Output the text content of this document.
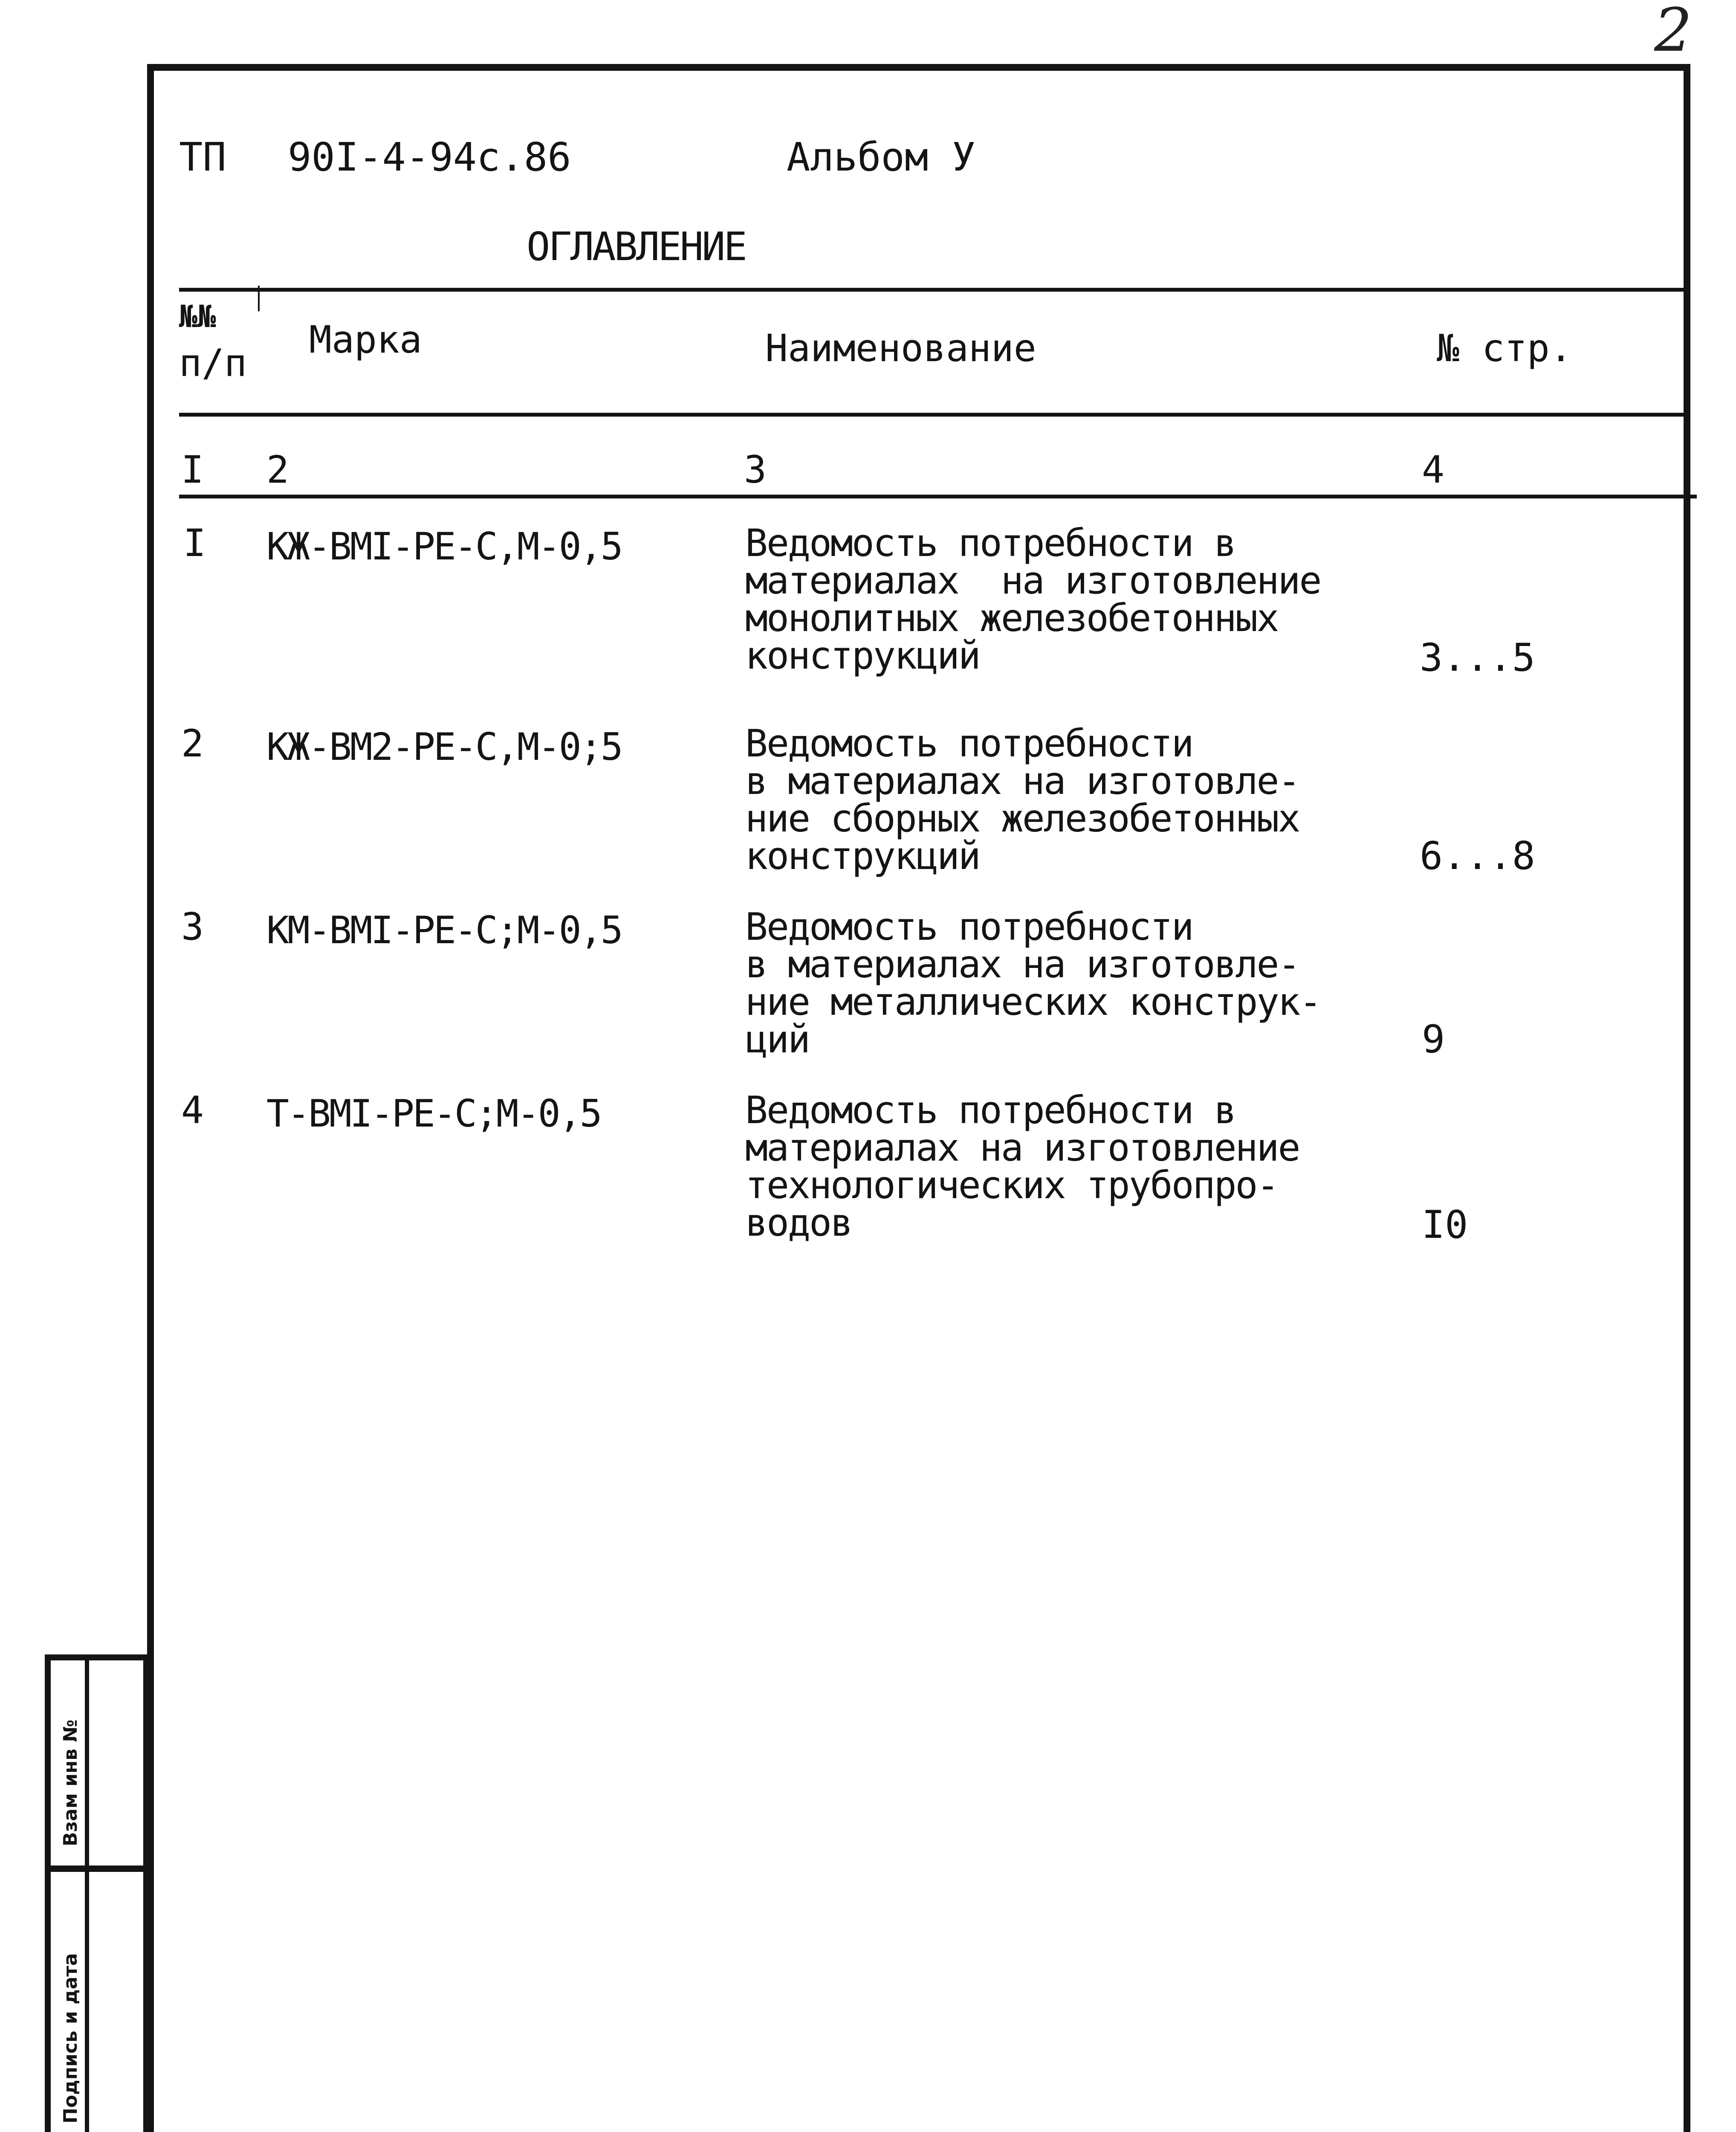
2
ТП 90I-4-94с.86	Альбом У
ОГЛАВЛЕНИЕ
№№
п/п
Марка	Наименование	№ стр.
I 2	3	4
I КЖ-ВМI-РЕ-С,М-0,5	Ведомость потребности в
материалах  на изготовление
монолитных железобетонных
конструкций	3...5
2 КЖ-ВМ2-РЕ-С,М-0;5	Ведомость потребности
в материалах на изготовле-
ние сборных железобетонных
конструкций	6...8
3 КМ-ВМI-РЕ-С;М-0,5	Ведомость потребности
в материалах на изготовле-
ние металлических конструк-
ций	9
4 Т-ВМI-РЕ-С;М-0,5	Ведомость потребности в
материалах на изготовление
технологических трубопро-
водов	I0
Взам инв №
Подпись и дата
